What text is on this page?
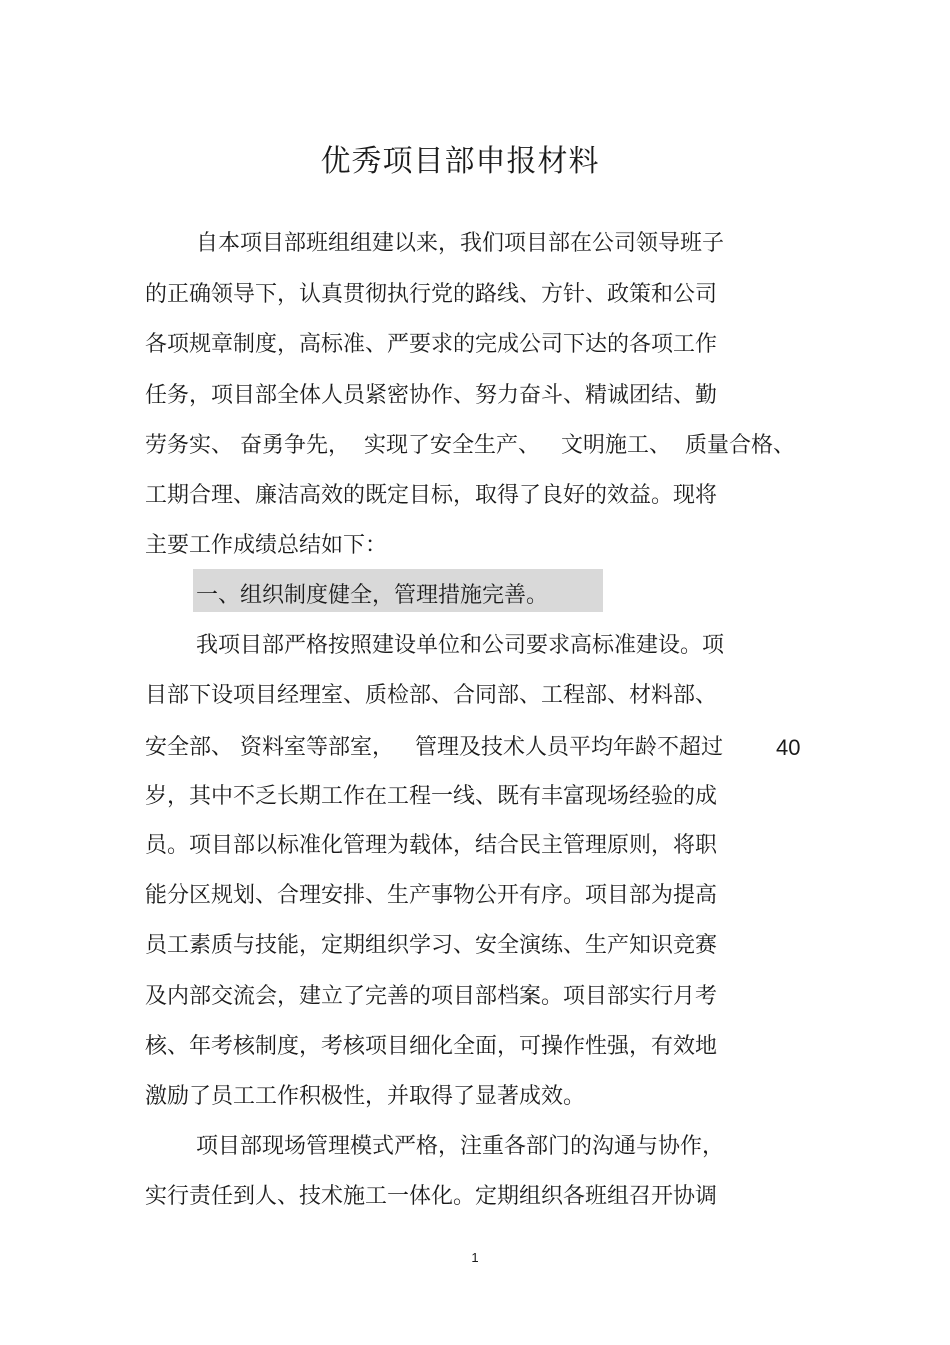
优秀项目部申报材料
自本项目部班组组建以来，我们项目部在公司领导班子
的正确领导下，认真贯彻执行党的路线、方针、政策和公司
各项规章制度，高标准、严要求的完成公司下达的各项工作
任务，项目部全体人员紧密协作、努力奋斗、精诚团结、勤
劳务实、 奋勇争先，  实现了安全生产、   文明施工、  质量合格、
工期合理、廉洁高效的既定目标，取得了良好的效益。现将
主要工作成绩总结如下：
一、组织制度健全，管理措施完善。
我项目部严格按照建设单位和公司要求高标准建设。项
目部下设项目经理室、质检部、合同部、工程部、材料部、
安全部、 资料室等部室，   管理及技术人员平均年龄不超过 40
岁，其中不乏长期工作在工程一线、既有丰富现场经验的成
员。项目部以标准化管理为载体，结合民主管理原则，将职
能分区规划、合理安排、生产事物公开有序。项目部为提高
员工素质与技能，定期组织学习、安全演练、生产知识竞赛
及内部交流会，建立了完善的项目部档案。项目部实行月考
核、年考核制度，考核项目细化全面，可操作性强，有效地
激励了员工工作积极性，并取得了显著成效。
项目部现场管理模式严格，注重各部门的沟通与协作，
实行责任到人、技术施工一体化。定期组织各班组召开协调
1
